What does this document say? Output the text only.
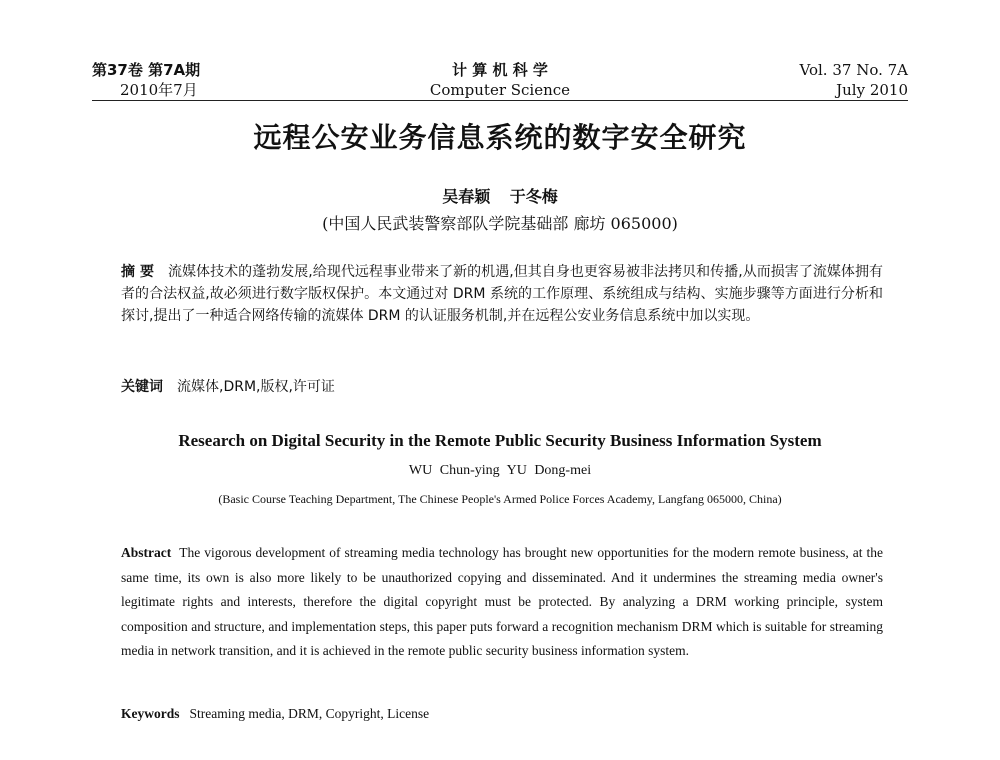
第37卷 第7A期
2010年7月
计 算 机 科 学
Computer Science
Vol. 37 No. 7A
July 2010
远程公安业务信息系统的数字安全研究
吴春颖 于冬梅
(中国人民武装警察部队学院基础部 廊坊 065000)
摘 要 流媒体技术的蓬勃发展,给现代远程事业带来了新的机遇,但其自身也更容易被非法拷贝和传播,从而损害了流媒体拥有者的合法权益,故必须进行数字版权保护。本文通过对 DRM 系统的工作原理、系统组成与结构、实施步骤等方面进行分析和探讨,提出了一种适合网络传输的流媒体 DRM 的认证服务机制,并在远程公安业务信息系统中加以实现。
关键词 流媒体,DRM,版权,许可证
Research on Digital Security in the Remote Public Security Business Information System
WU Chun-ying YU Dong-mei
(Basic Course Teaching Department, The Chinese People's Armed Police Forces Academy, Langfang 065000, China)
Abstract The vigorous development of streaming media technology has brought new opportunities for the modern remote business, at the same time, its own is also more likely to be unauthorized copying and disseminated. And it undermines the streaming media owner's legitimate rights and interests, therefore the digital copyright must be protected. By analyzing a DRM working principle, system composition and structure, and implementation steps, this paper puts forward a recognition mechanism DRM which is suitable for streaming media in network transition, and it is achieved in the remote public security business information system.
Keywords Streaming media, DRM, Copyright, License
